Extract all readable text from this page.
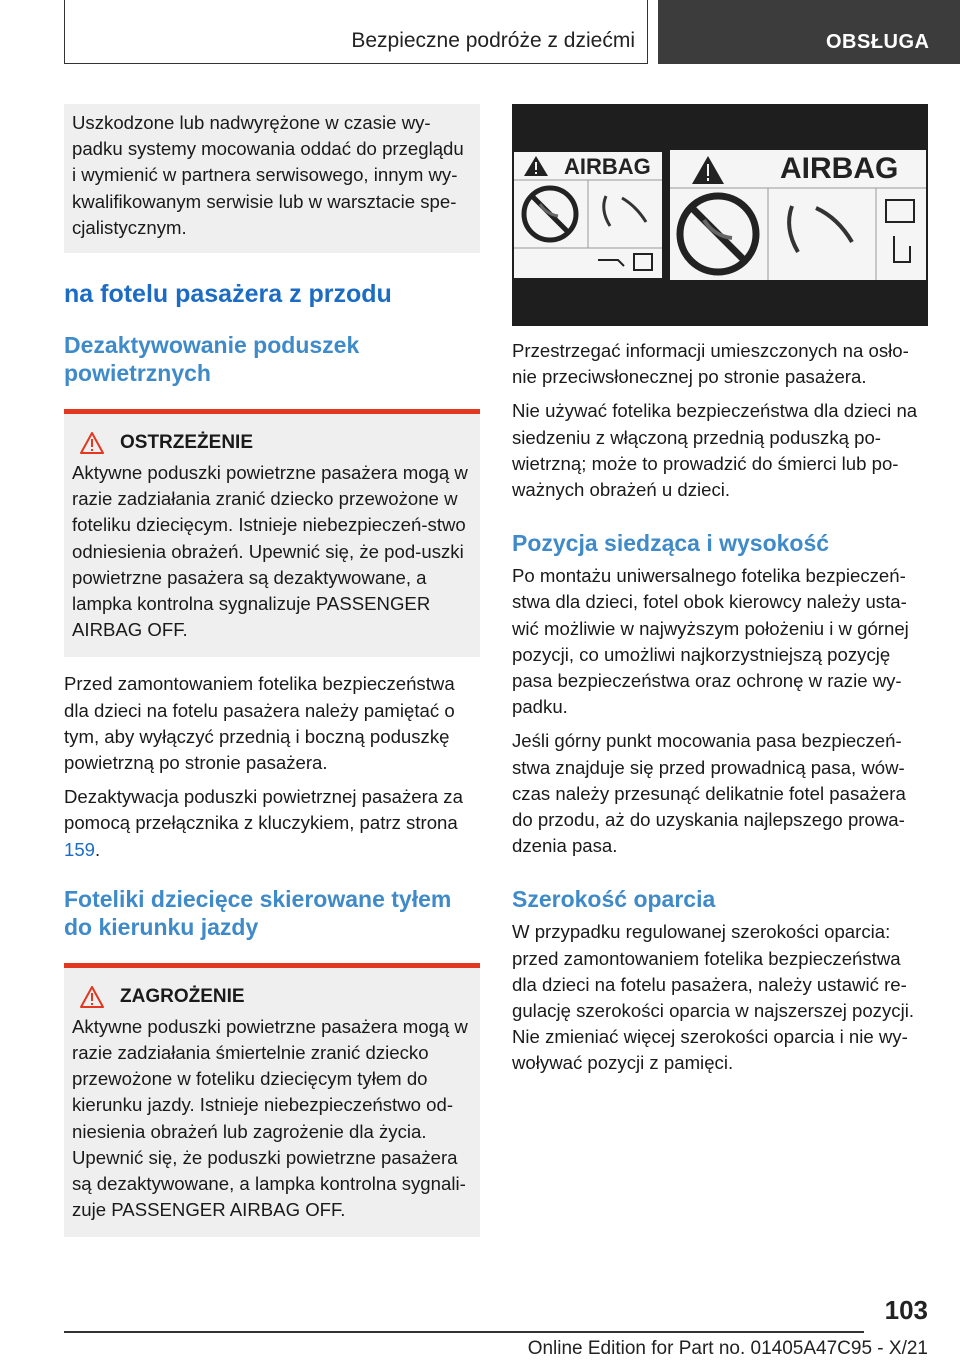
Bezpieczne podróże z dziećmi	OBSŁUGA

Uszkodzone lub nadwyrężone w czasie wy-padku systemy mocowania oddać do przeglądu i wymienić w partnera serwisowego, innym wy-kwalifikowanym serwisie lub w warsztacie spe-cjalistycznym.

na fotelu pasażera z przodu
Dezaktywowanie poduszek powietrznych
OSTRZEŻENIE

Aktywne poduszki powietrzne pasażera mogą w razie zadziałania zranić dziecko przewożone w foteliku dziecięcym. Istnieje niebezpieczeń-stwo odniesienia obrażeń. Upewnić się, że pod-uszki powietrzne pasażera są dezaktywowane, a lampka kontrolna sygnalizuje PASSENGER AIRBAG OFF.

Przed zamontowaniem fotelika bezpieczeństwa dla dzieci na fotelu pasażera należy pamiętać o tym, aby wyłączyć przednią i boczną poduszkę powietrzną po stronie pasażera.

Dezaktywacja poduszki powietrznej pasażera za pomocą przełącznika z kluczykiem, patrz strona 159.

Foteliki dziecięce skierowane tyłem do kierunku jazdy
ZAGROŻENIE

Aktywne poduszki powietrzne pasażera mogą w razie zadziałania śmiertelnie zranić dziecko przewożone w foteliku dziecięcym tyłem do kierunku jazdy. Istnieje niebezpieczeństwo od-niesienia obrażeń lub zagrożenie dla życia. Upewnić się, że poduszki powietrzne pasażera są dezaktywowane, a lampka kontrolna sygnali-zuje PASSENGER AIRBAG OFF.

AIRBAG	AIRBAG

Przestrzegać informacji umieszczonych na osło-nie przeciwsłonecznej po stronie pasażera.

Nie używać fotelika bezpieczeństwa dla dzieci na siedzeniu z włączoną przednią poduszką po-wietrzną; może to prowadzić do śmierci lub po-ważnych obrażeń u dzieci.

Pozycja siedząca i wysokość

Po montażu uniwersalnego fotelika bezpieczeń-stwa dla dzieci, fotel obok kierowcy należy usta-wić możliwie w najwyższym położeniu i w górnej pozycji, co umożliwi najkorzystniejszą pozycję pasa bezpieczeństwa oraz ochronę w razie wy-padku.

Jeśli górny punkt mocowania pasa bezpieczeń-stwa znajduje się przed prowadnicą pasa, wów-czas należy przesunąć delikatnie fotel pasażera do przodu, aż do uzyskania najlepszego prowa-dzenia pasa.

Szerokość oparcia

W przypadku regulowanej szerokości oparcia: przed zamontowaniem fotelika bezpieczeństwa dla dzieci na fotelu pasażera, należy ustawić re-gulację szerokości oparcia w najszerszej pozycji. Nie zmieniać więcej szerokości oparcia i nie wy-woływać pozycji z pamięci.

103
Online Edition for Part no. 01405A47C95 - X/21
